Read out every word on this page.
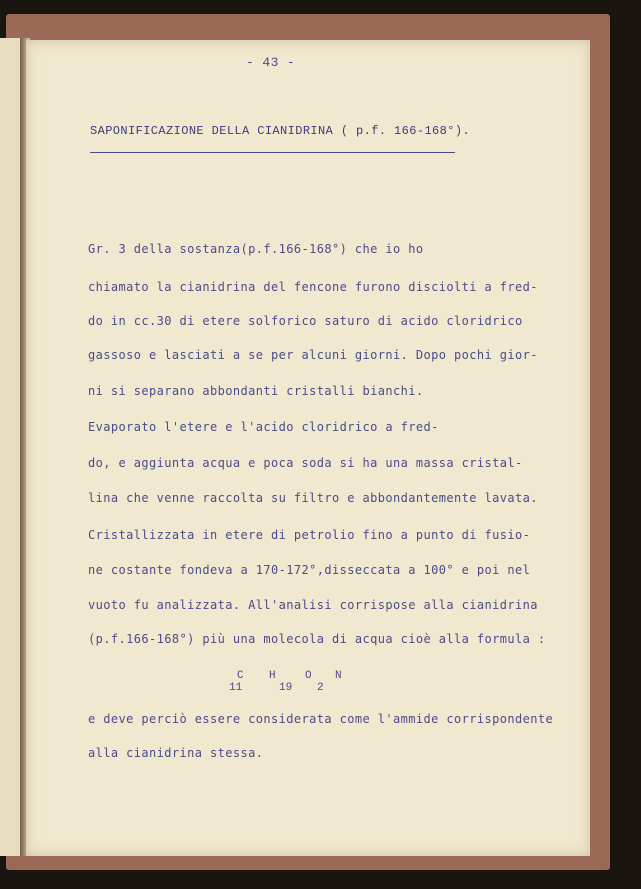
- 43 -

SAPONIFICAZIONE DELLA CIANIDRINA ( p.f. 166-168°).

Gr. 3 della sostanza(p.f.166-168°) che io ho
chiamato la cianidrina del fencone furono disciolti a fred-
do in cc.30 di etere solforico saturo di acido cloridrico
gassoso e lasciati a se per alcuni giorni. Dopo pochi gior-
ni si separano abbondanti cristalli bianchi.
Evaporato l'etere e l'acido cloridrico a fred-
do, e aggiunta acqua e poca soda si ha una massa cristal-
lina che venne raccolta su filtro e abbondantemente lavata.
Cristallizzata in etere di petrolio fino a punto di fusio-
ne costante fondeva a 170-172°,disseccata a 100° e poi nel
vuoto fu analizzata. All'analisi corrispose alla cianidrina
(p.f.166-168°) più una molecola di acqua cioè alla formula :
C
11
H
19
O
2
N
e deve perciò essere considerata come l'ammide corrispondente
alla cianidrina stessa.
